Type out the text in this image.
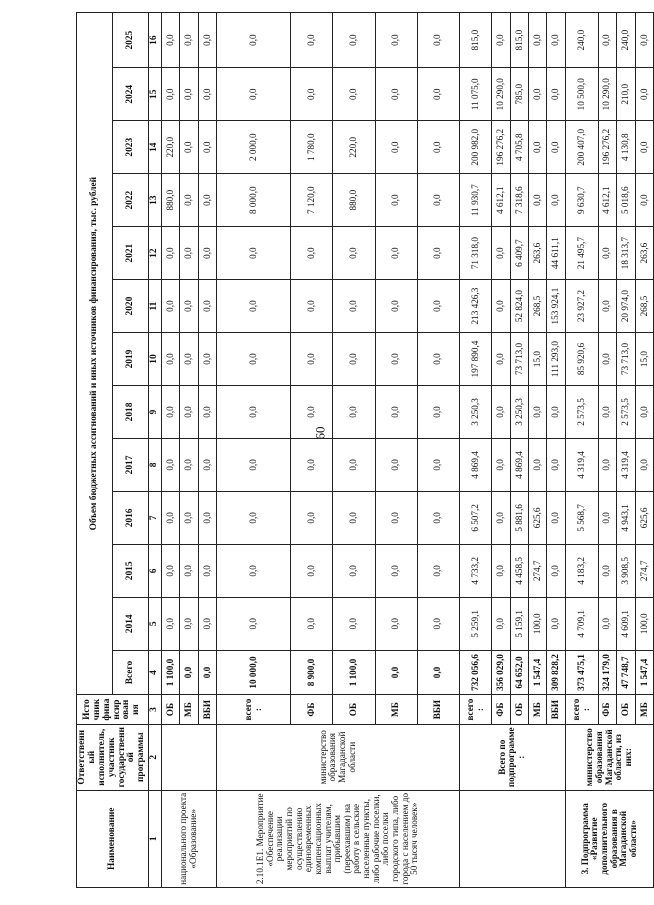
60
Наименование	Ответственный исполнитель, участник государственной программы	Источник финансирования	Объем бюджетных ассигнований и иных источников финансирования, тыс. рублей												
			Всего	2014	2015	2016	2017	2018	2019	2020	2021	2022	2023	2024	2025
1	2	3	4	5	6	7	8	9	10	11	12	13	14	15	16
национального проекта «Образование»		ОБ	1 100,0	0,0	0,0	0,0	0,0	0,0	0,0	0,0	0,0	880,0	220,0	0,0	0,0
		МБ	0,0	0,0	0,0	0,0	0,0	0,0	0,0	0,0	0,0	0,0	0,0	0,0	0,0
		ВБИ	0,0	0,0	0,0	0,0	0,0	0,0	0,0	0,0	0,0	0,0	0,0	0,0	0,0
2.10.1Е1. Мероприятие «Обеспечение реализации мероприятий по осуществлению единовременных компенсационных выплат учителям, прибывшим (переехавшим) на работу в сельские населенные пункты, либо рабочие поселки, либо поселки городского типа, либо города с населением до 50 тысяч человек»	министерство образования Магаданской области	всего:	10 000,0	0,0	0,0	0,0	0,0	0,0	0,0	0,0	0,0	8 000,0	2 000,0	0,0	0,0
		ФБ	8 900,0	0,0	0,0	0,0	0,0	0,0	0,0	0,0	0,0	7 120,0	1 780,0	0,0	0,0
		ОБ	1 100,0	0,0	0,0	0,0	0,0	0,0	0,0	0,0	0,0	880,0	220,0	0,0	0,0
		МБ	0,0	0,0	0,0	0,0	0,0	0,0	0,0	0,0	0,0	0,0	0,0	0,0	0,0
		ВБИ	0,0	0,0	0,0	0,0	0,0	0,0	0,0	0,0	0,0	0,0	0,0	0,0	0,0
	Всего по подпрограмме:	всего:	732 056,6	5 259,1	4 733,2	6 507,2	4 869,4	3 250,3	197 890,4	213 426,3	71 318,0	11 930,7	200 982,0	11 075,0	815,0
		ФБ	356 029,0	0,0	0,0	0,0	0,0	0,0	0,0	0,0	0,0	4 612,1	196 276,2	10 290,0	0,0
		ОБ	64 652,0	5 159,1	4 458,5	5 881,6	4 869,4	3 250,3	73 713,0	52 824,0	6 409,7	7 318,6	4 705,8	785,0	815,0
		МБ	1 547,4	100,0	274,7	625,6	0,0	0,0	15,0	268,5	263,6	0,0	0,0	0,0	0,0
		ВБИ	309 828,2	0,0	0,0	0,0	0,0	0,0	111 293,0	153 924,1	44 611,1	0,0	0,0	0,0	0,0
3. Подпрограмма «Развитие дополнительного образования в Магаданской области»	министерство образования Магаданской области, из них:	всего:	373 475,1	4 709,1	4 183,2	5 568,7	4 319,4	2 573,5	85 920,6	23 927,2	21 495,7	9 630,7	200 407,0	10 500,0	240,0
		ФБ	324 179,0	0,0	0,0	0,0	0,0	0,0	0,0	0,0	0,0	4 612,1	196 276,2	10 290,0	0,0
		ОБ	47 748,7	4 609,1	3 908,5	4 943,1	4 319,4	2 573,5	73 713,0	20 974,0	18 313,7	5 018,6	4 130,8	210,0	240,0
		МБ	1 547,4	100,0	274,7	625,6	0,0	0,0	15,0	268,5	263,6	0,0	0,0	0,0	0,0
